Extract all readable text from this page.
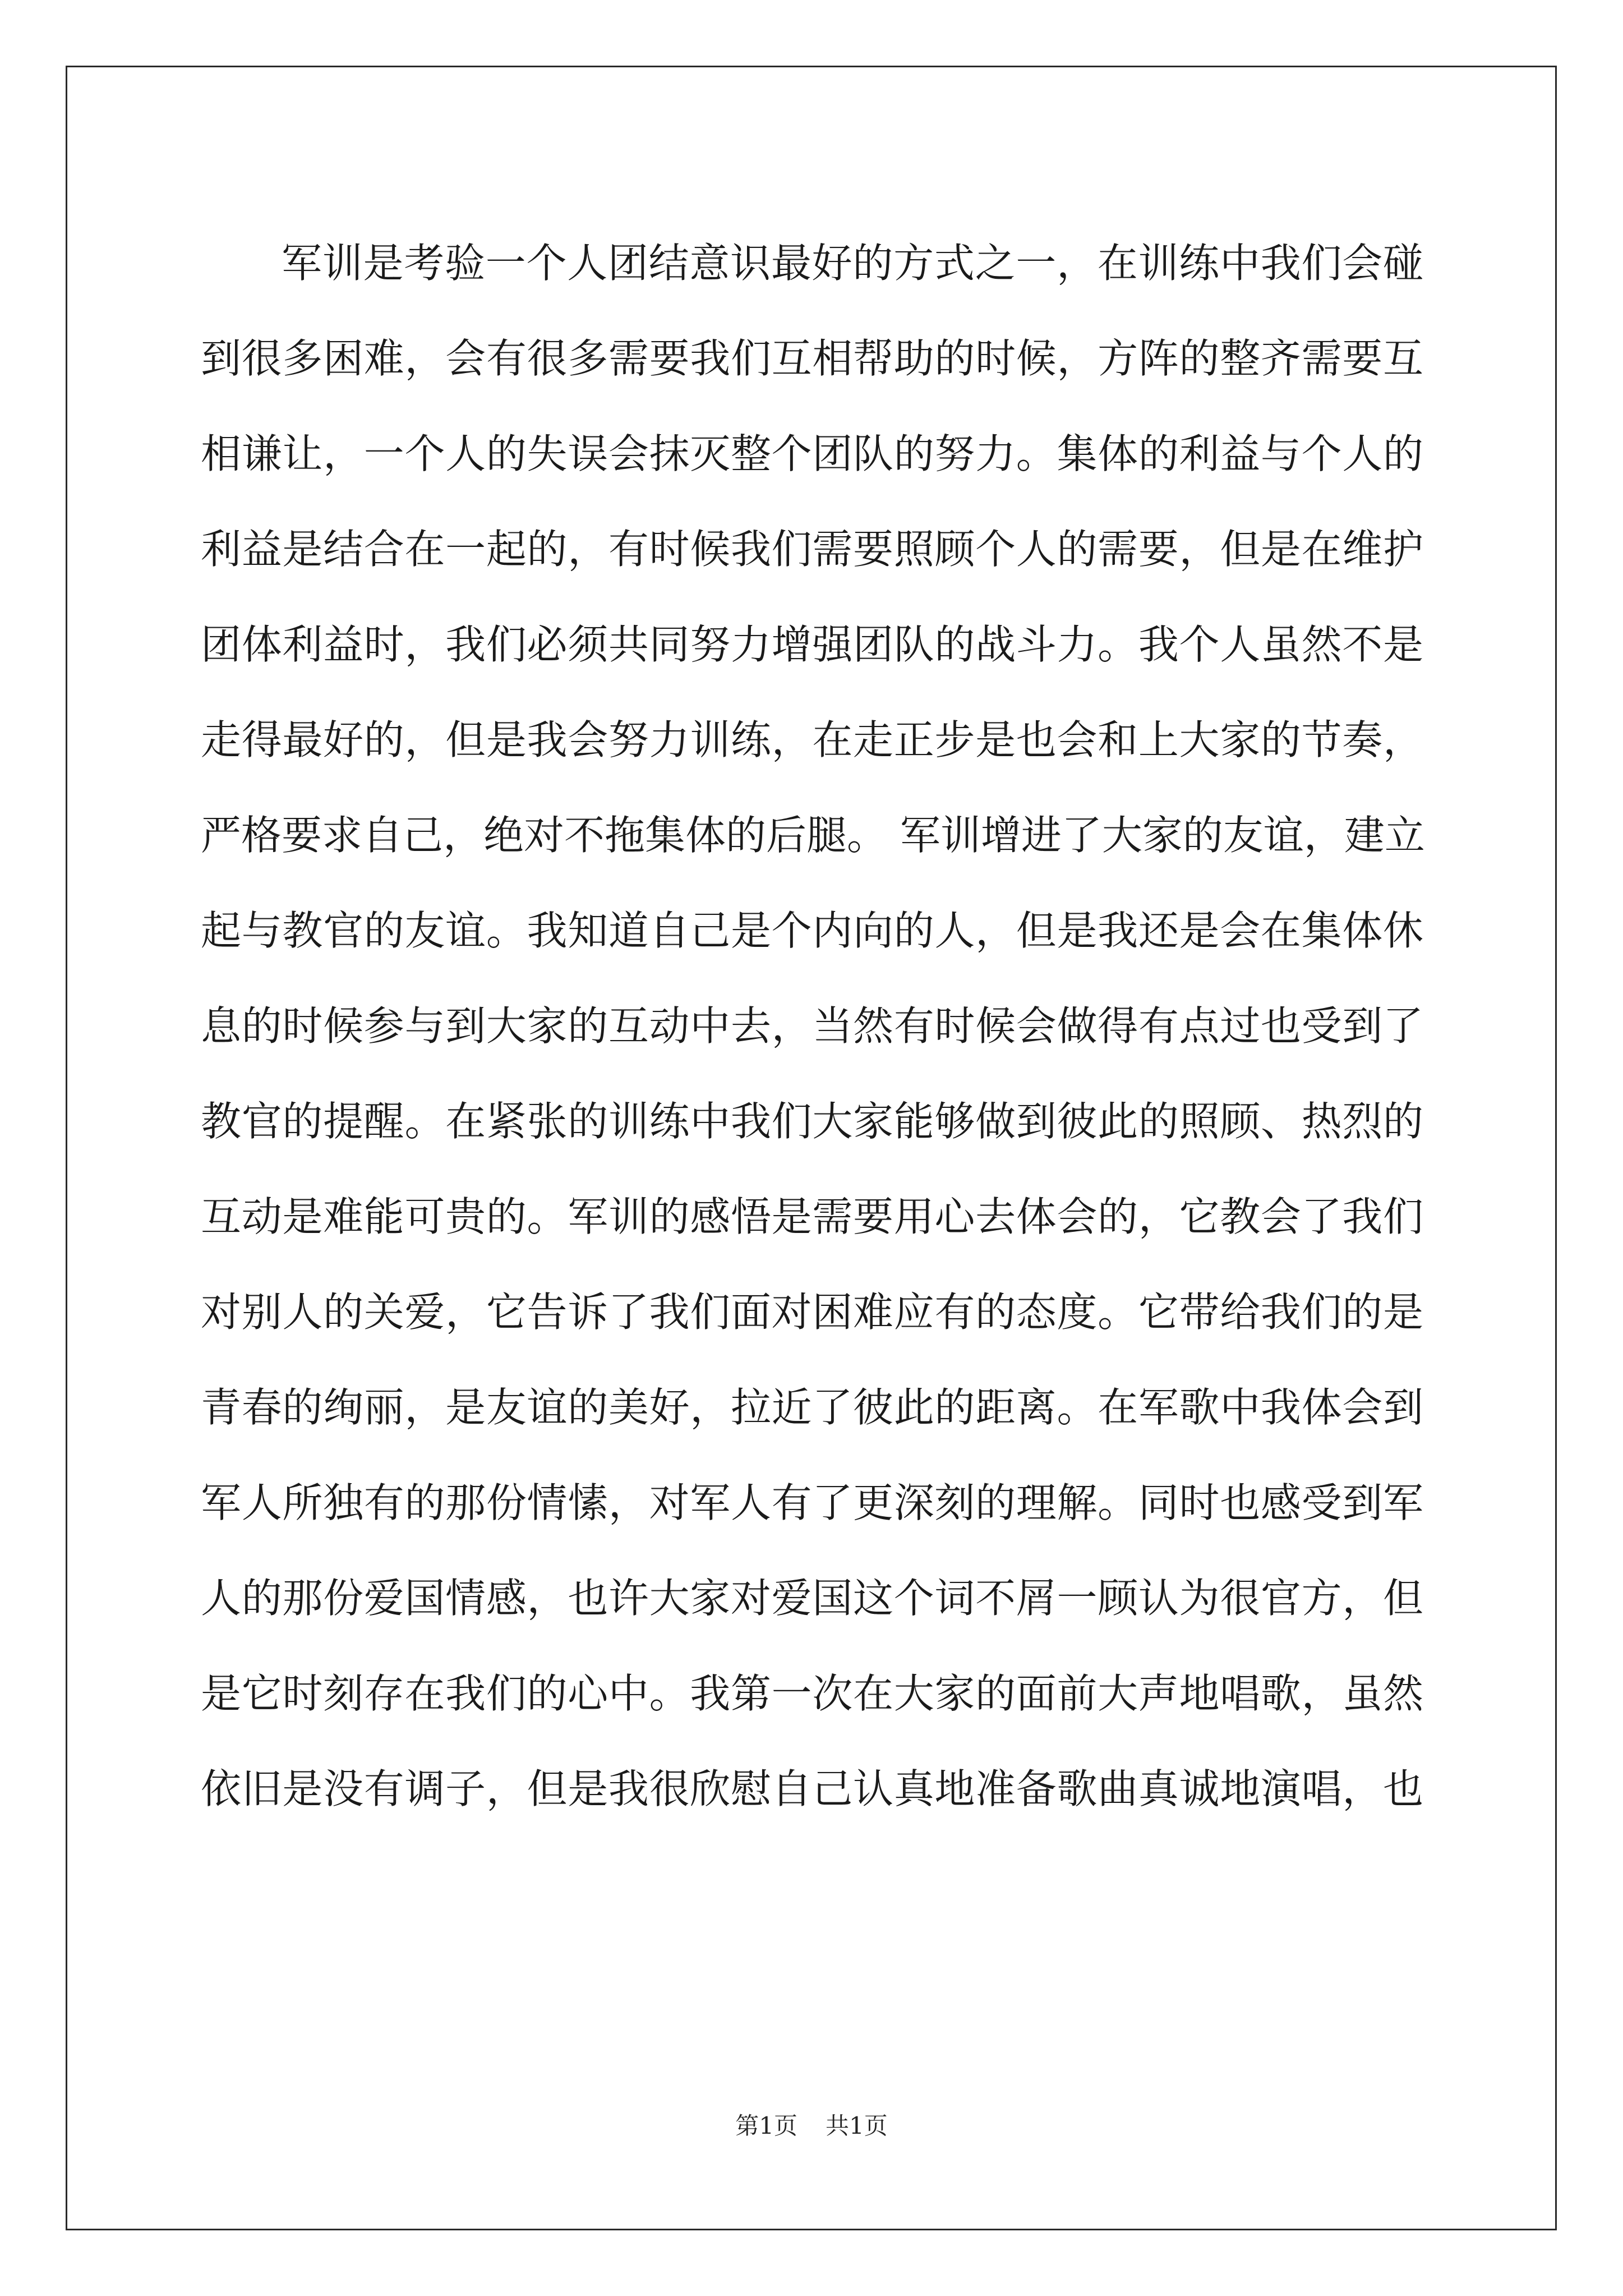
军训是考验一个人团结意识最好的方式之一，在训练中我们会碰
到很多困难，会有很多需要我们互相帮助的时候，方阵的整齐需要互
相谦让，一个人的失误会抹灭整个团队的努力。集体的利益与个人的
利益是结合在一起的，有时候我们需要照顾个人的需要，但是在维护
团体利益时，我们必须共同努力增强团队的战斗力。我个人虽然不是
走得最好的，但是我会努力训练，在走正步是也会和上大家的节奏，
严格要求自己，绝对不拖集体的后腿。 军训增进了大家的友谊，建立
起与教官的友谊。我知道自己是个内向的人，但是我还是会在集体休
息的时候参与到大家的互动中去，当然有时候会做得有点过也受到了
教官的提醒。在紧张的训练中我们大家能够做到彼此的照顾、热烈的
互动是难能可贵的。军训的感悟是需要用心去体会的，它教会了我们
对别人的关爱，它告诉了我们面对困难应有的态度。它带给我们的是
青春的绚丽，是友谊的美好，拉近了彼此的距离。在军歌中我体会到
军人所独有的那份情愫，对军人有了更深刻的理解。同时也感受到军
人的那份爱国情感，也许大家对爱国这个词不屑一顾认为很官方，但
是它时刻存在我们的心中。我第一次在大家的面前大声地唱歌，虽然
依旧是没有调子，但是我很欣慰自己认真地准备歌曲真诚地演唱，也
第1页 共1页
